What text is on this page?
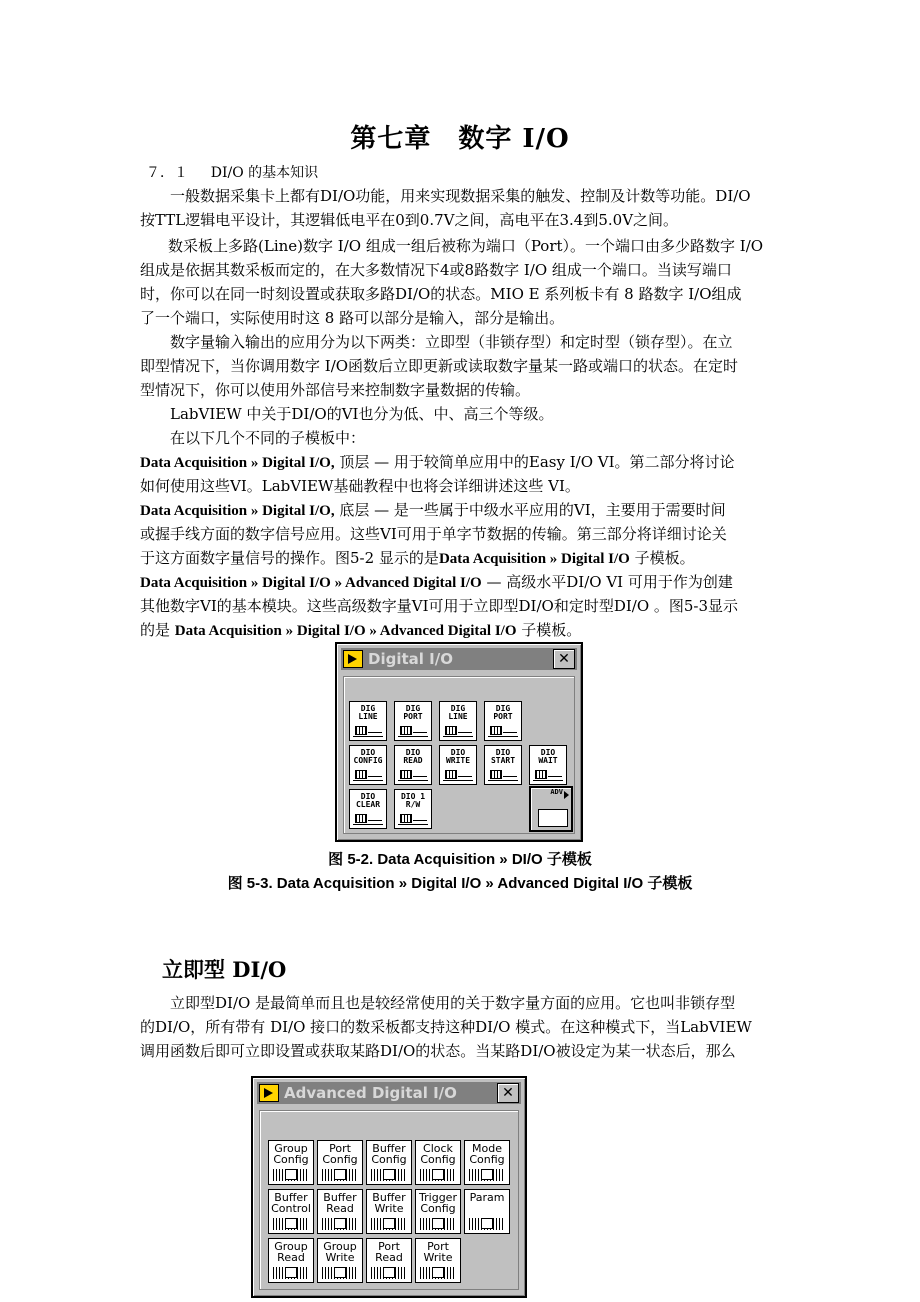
第七章　数字 I/O
７．１ DI/O 的基本知识
一般数据采集卡上都有DI/O功能，用来实现数据采集的触发、控制及计数等功能。DI/O
按TTL逻辑电平设计，其逻辑低电平在0到0.7V之间，高电平在3.4到5.0V之间。
数采板上多路(Line)数字 I/O 组成一组后被称为端口（Port）。一个端口由多少路数字 I/O
组成是依据其数采板而定的，在大多数情况下4或8路数字 I/O 组成一个端口。当读写端口
时，你可以在同一时刻设置或获取多路DI/O的状态。MIO E 系列板卡有 8 路数字 I/O组成
了一个端口，实际使用时这 8 路可以部分是输入，部分是输出。
数字量输入输出的应用分为以下两类：立即型（非锁存型）和定时型（锁存型）。在立
即型情况下，当你调用数字 I/O函数后立即更新或读取数字量某一路或端口的状态。在定时
型情况下，你可以使用外部信号来控制数字量数据的传输。
LabVIEW 中关于DI/O的VI也分为低、中、高三个等级。
在以下几个不同的子模板中：
Data Acquisition » Digital I/O, 顶层 — 用于较简单应用中的Easy I/O VI。第二部分将讨论
如何使用这些VI。LabVIEW基础教程中也将会详细讲述这些 VI。
Data Acquisition » Digital I/O, 底层 — 是一些属于中级水平应用的VI，主要用于需要时间
或握手线方面的数字信号应用。这些VI可用于单字节数据的传输。第三部分将详细讨论关
于这方面数字量信号的操作。图5-2 显示的是Data Acquisition » Digital I/O 子模板。
Data Acquisition » Digital I/O » Advanced Digital I/O — 高级水平DI/O VI 可用于作为创建
其他数字VI的基本模块。这些高级数字量VI可用于立即型DI/O和定时型DI/O 。图5-3显示
的是 Data Acquisition » Digital I/O » Advanced Digital I/O 子模板。
Digital I/O	✕
DIG
LINE
DIG
PORT
DIG
LINE
DIG
PORT
DIO
CONFIG
DIO
READ
DIO
WRITE
DIO
START
DIO
WAIT
DIO
CLEAR
DIO 1
R/W
ADV
图 5-2. Data Acquisition » DI/O 子模板
图 5-3. Data Acquisition » Digital I/O » Advanced Digital I/O 子模板
立即型 DI/O
立即型DI/O 是最简单而且也是较经常使用的关于数字量方面的应用。它也叫非锁存型
的DI/O，所有带有 DI/O 接口的数采板都支持这种DI/O 模式。在这种模式下，当LabVIEW
调用函数后即可立即设置或获取某路DI/O的状态。当某路DI/O被设定为某一状态后，那么
Advanced Digital I/O	✕
Group
Config
Port
Config
Buffer
Config
Clock
Config
Mode
Config
Buffer
Control
Buffer
Read
Buffer
Write
Trigger
Config
Param
Group
Read
Group
Write
Port
Read
Port
Write
